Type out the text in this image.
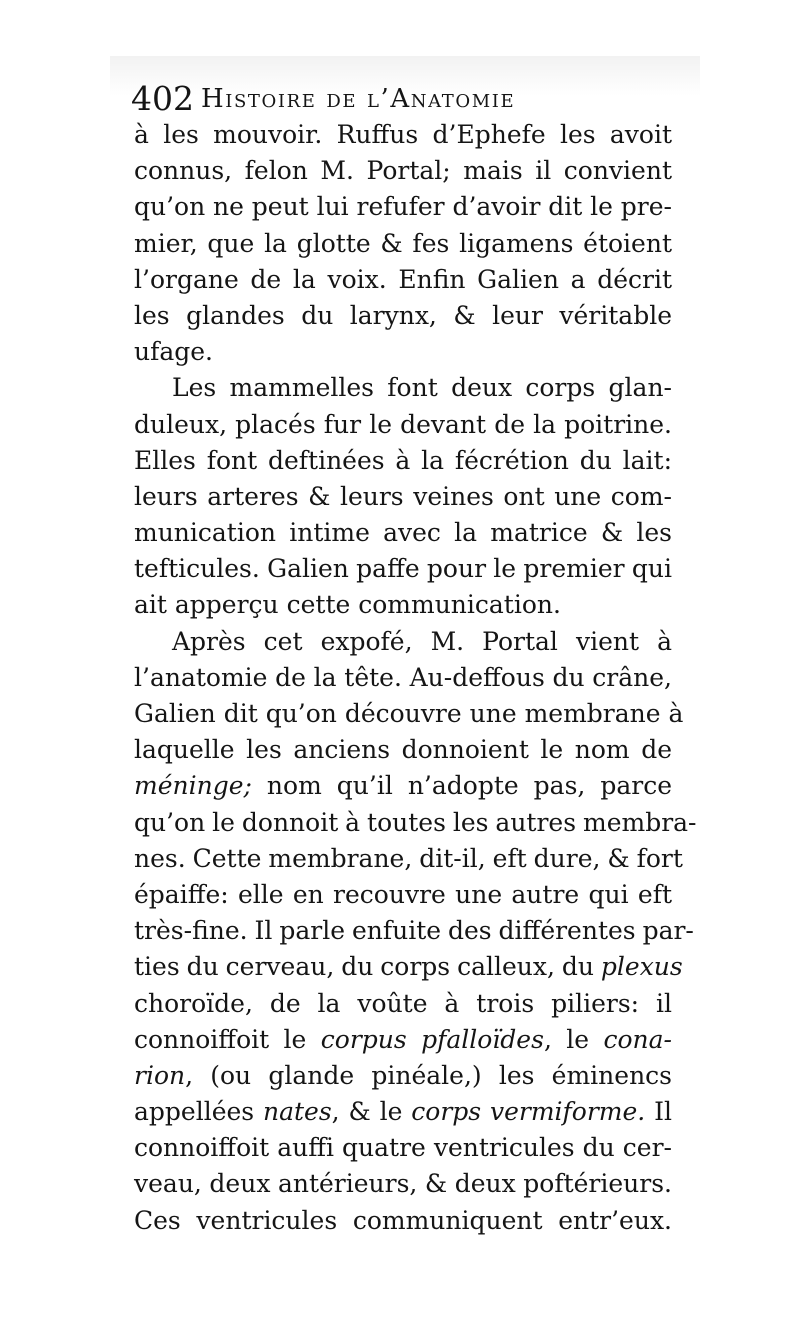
402 Histoire de l’Anatomie
à les mouvoir. Ruffus d’Ephefe les avoit
connus, felon M. Portal; mais il convient
qu’on ne peut lui refufer d’avoir dit le pre-
mier, que la glotte & fes ligamens étoient
l’organe de la voix. Enfin Galien a décrit
les glandes du larynx, & leur véritable
ufage.
Les mammelles font deux corps glan-
duleux, placés fur le devant de la poitrine.
Elles font deftinées à la fécrétion du lait:
leurs arteres & leurs veines ont une com-
munication intime avec la matrice & les
tefticules. Galien paffe pour le premier qui
ait apperçu cette communication.
Après cet expofé, M. Portal vient à
l’anatomie de la tête. Au-deffous du crâne,
Galien dit qu’on découvre une membrane à
laquelle les anciens donnoient le nom de
méninge; nom qu’il n’adopte pas, parce
qu’on le donnoit à toutes les autres membra-
nes. Cette membrane, dit-il, eft dure, & fort
épaiffe: elle en recouvre une autre qui eft
très-fine. Il parle enfuite des différentes par-
ties du cerveau, du corps calleux, du plexus
choroïde, de la voûte à trois piliers: il
connoiffoit le corpus pfalloïdes, le cona-
rion, (ou glande pinéale,) les éminencs
appellées nates, & le corps vermiforme. Il
connoiffoit auffi quatre ventricules du cer-
veau, deux antérieurs, & deux poftérieurs.
Ces ventricules communiquent entr’eux.
